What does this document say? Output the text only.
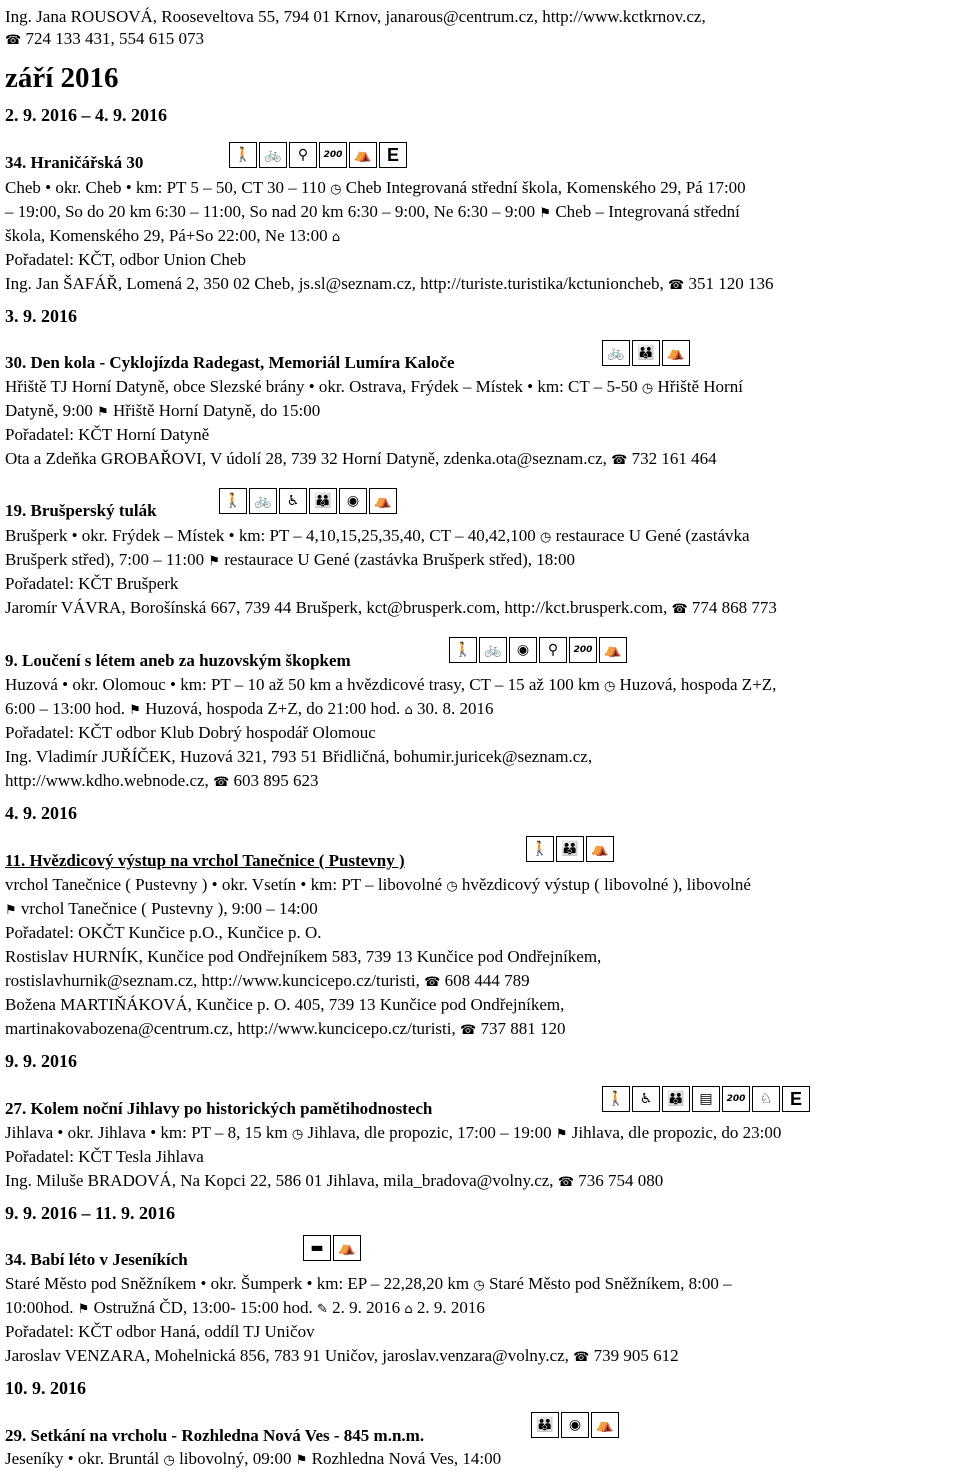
Ing. Jana ROUSOVÁ, Rooseveltova 55, 794 01 Krnov, janarous@centrum.cz, http://www.kctkrnov.cz,
☎ 724 133 431, 554 615 073
září 2016
2. 9. 2016 – 4. 9. 2016
34. Hraničářská 30	🚶 🚲	⚲	200 ⛺ E
Cheb • okr. Cheb • km: PT 5 – 50, CT 30 – 110 ◷ Cheb Integrovaná střední škola, Komenského 29, Pá 17:00
– 19:00, So do 20 km 6:30 – 11:00, So nad 20 km 6:30 – 9:00, Ne 6:30 – 9:00 ⚑ Cheb – Integrovaná střední
škola, Komenského 29, Pá+So 22:00, Ne 13:00 ⌂
Pořadatel: KČT, odbor Union Cheb
Ing. Jan ŠAFÁŘ, Lomená 2, 350 02 Cheb, js.sl@seznam.cz, http://turiste.turistika/kctunioncheb, ☎ 351 120 136
3. 9. 2016
30. Den kola - Cyklojízda Radegast, Memoriál Lumíra Kaloče	🚲 👪 ⛺
Hřiště TJ Horní Datyně, obce Slezské brány • okr. Ostrava, Frýdek – Místek • km: CT – 5-50 ◷ Hřiště Horní
Datyně, 9:00 ⚑ Hřiště Horní Datyně, do 15:00
Pořadatel: KČT Horní Datyně
Ota a Zdeňka GROBAŘOVI, V údolí 28, 739 32 Horní Datyně, zdenka.ota@seznam.cz, ☎ 732 161 464
19. Brušperský tulák	🚶 🚲	♿	👪	◉	⛺
Brušperk • okr. Frýdek – Místek • km: PT – 4,10,15,25,35,40, CT – 40,42,100 ◷ restaurace U Gené (zastávka
Brušperk střed), 7:00 – 11:00 ⚑ restaurace U Gené (zastávka Brušperk střed), 18:00
Pořadatel: KČT Brušperk
Jaromír VÁVRA, Borošínská 667, 739 44 Brušperk, kct@brusperk.com, http://kct.brusperk.com, ☎ 774 868 773
9. Loučení s létem aneb za huzovským škopkem
🚶 🚲	◉	⚲	200 ⛺
Huzová • okr. Olomouc • km: PT – 10 až 50 km a hvězdicové trasy, CT – 15 až 100 km ◷ Huzová, hospoda Z+Z,
6:00 – 13:00 hod. ⚑ Huzová, hospoda Z+Z, do 21:00 hod. ⌂ 30. 8. 2016
Pořadatel: KČT odbor Klub Dobrý hospodář Olomouc
Ing. Vladimír JUŘÍČEK, Huzová 321, 793 51 Břidličná, bohumir.juricek@seznam.cz,
http://www.kdho.webnode.cz, ☎ 603 895 623
4. 9. 2016
11. Hvězdicový výstup na vrchol Tanečnice ( Pustevny )
🚶 👪 ⛺
vrchol Tanečnice ( Pustevny ) • okr. Vsetín • km: PT – libovolné ◷ hvězdicový výstup ( libovolné ), libovolné
⚑ vrchol Tanečnice ( Pustevny ), 9:00 – 14:00
Pořadatel: OKČT Kunčice p.O., Kunčice p. O.
Rostislav HURNÍK, Kunčice pod Ondřejníkem 583, 739 13 Kunčice pod Ondřejníkem,
rostislavhurnik@seznam.cz, http://www.kuncicepo.cz/turisti, ☎ 608 444 789
Božena MARTIŇÁKOVÁ, Kunčice p. O. 405, 739 13 Kunčice pod Ondřejníkem,
martinakovabozena@centrum.cz, http://www.kuncicepo.cz/turisti, ☎ 737 881 120
9. 9. 2016
27. Kolem noční Jihlavy po historických pamětihodnostech	🚶	♿	👪	▤	200	♘ E
Jihlava • okr. Jihlava • km: PT – 8, 15 km ◷ Jihlava, dle propozic, 17:00 – 19:00 ⚑ Jihlava, dle propozic, do 23:00
Pořadatel: KČT Tesla Jihlava
Ing. Miluše BRADOVÁ, Na Kopci 22, 586 01 Jihlava, mila_bradova@volny.cz, ☎ 736 754 080
9. 9. 2016 – 11. 9. 2016
34. Babí léto v Jeseníkích
▬	⛺
Staré Město pod Sněžníkem • okr. Šumperk • km: EP – 22,28,20 km ◷ Staré Město pod Sněžníkem, 8:00 –
10:00hod. ⚑ Ostružná ČD, 13:00- 15:00 hod. ✎ 2. 9. 2016 ⌂ 2. 9. 2016
Pořadatel: KČT odbor Haná, oddíl TJ Uničov
Jaroslav VENZARA, Mohelnická 856, 783 91 Uničov, jaroslav.venzara@volny.cz, ☎ 739 905 612
10. 9. 2016
29. Setkání na vrcholu - Rozhledna Nová Ves - 845 m.n.m.
👪	◉	⛺
Jeseníky • okr. Bruntál ◷ libovolný, 09:00 ⚑ Rozhledna Nová Ves, 14:00
